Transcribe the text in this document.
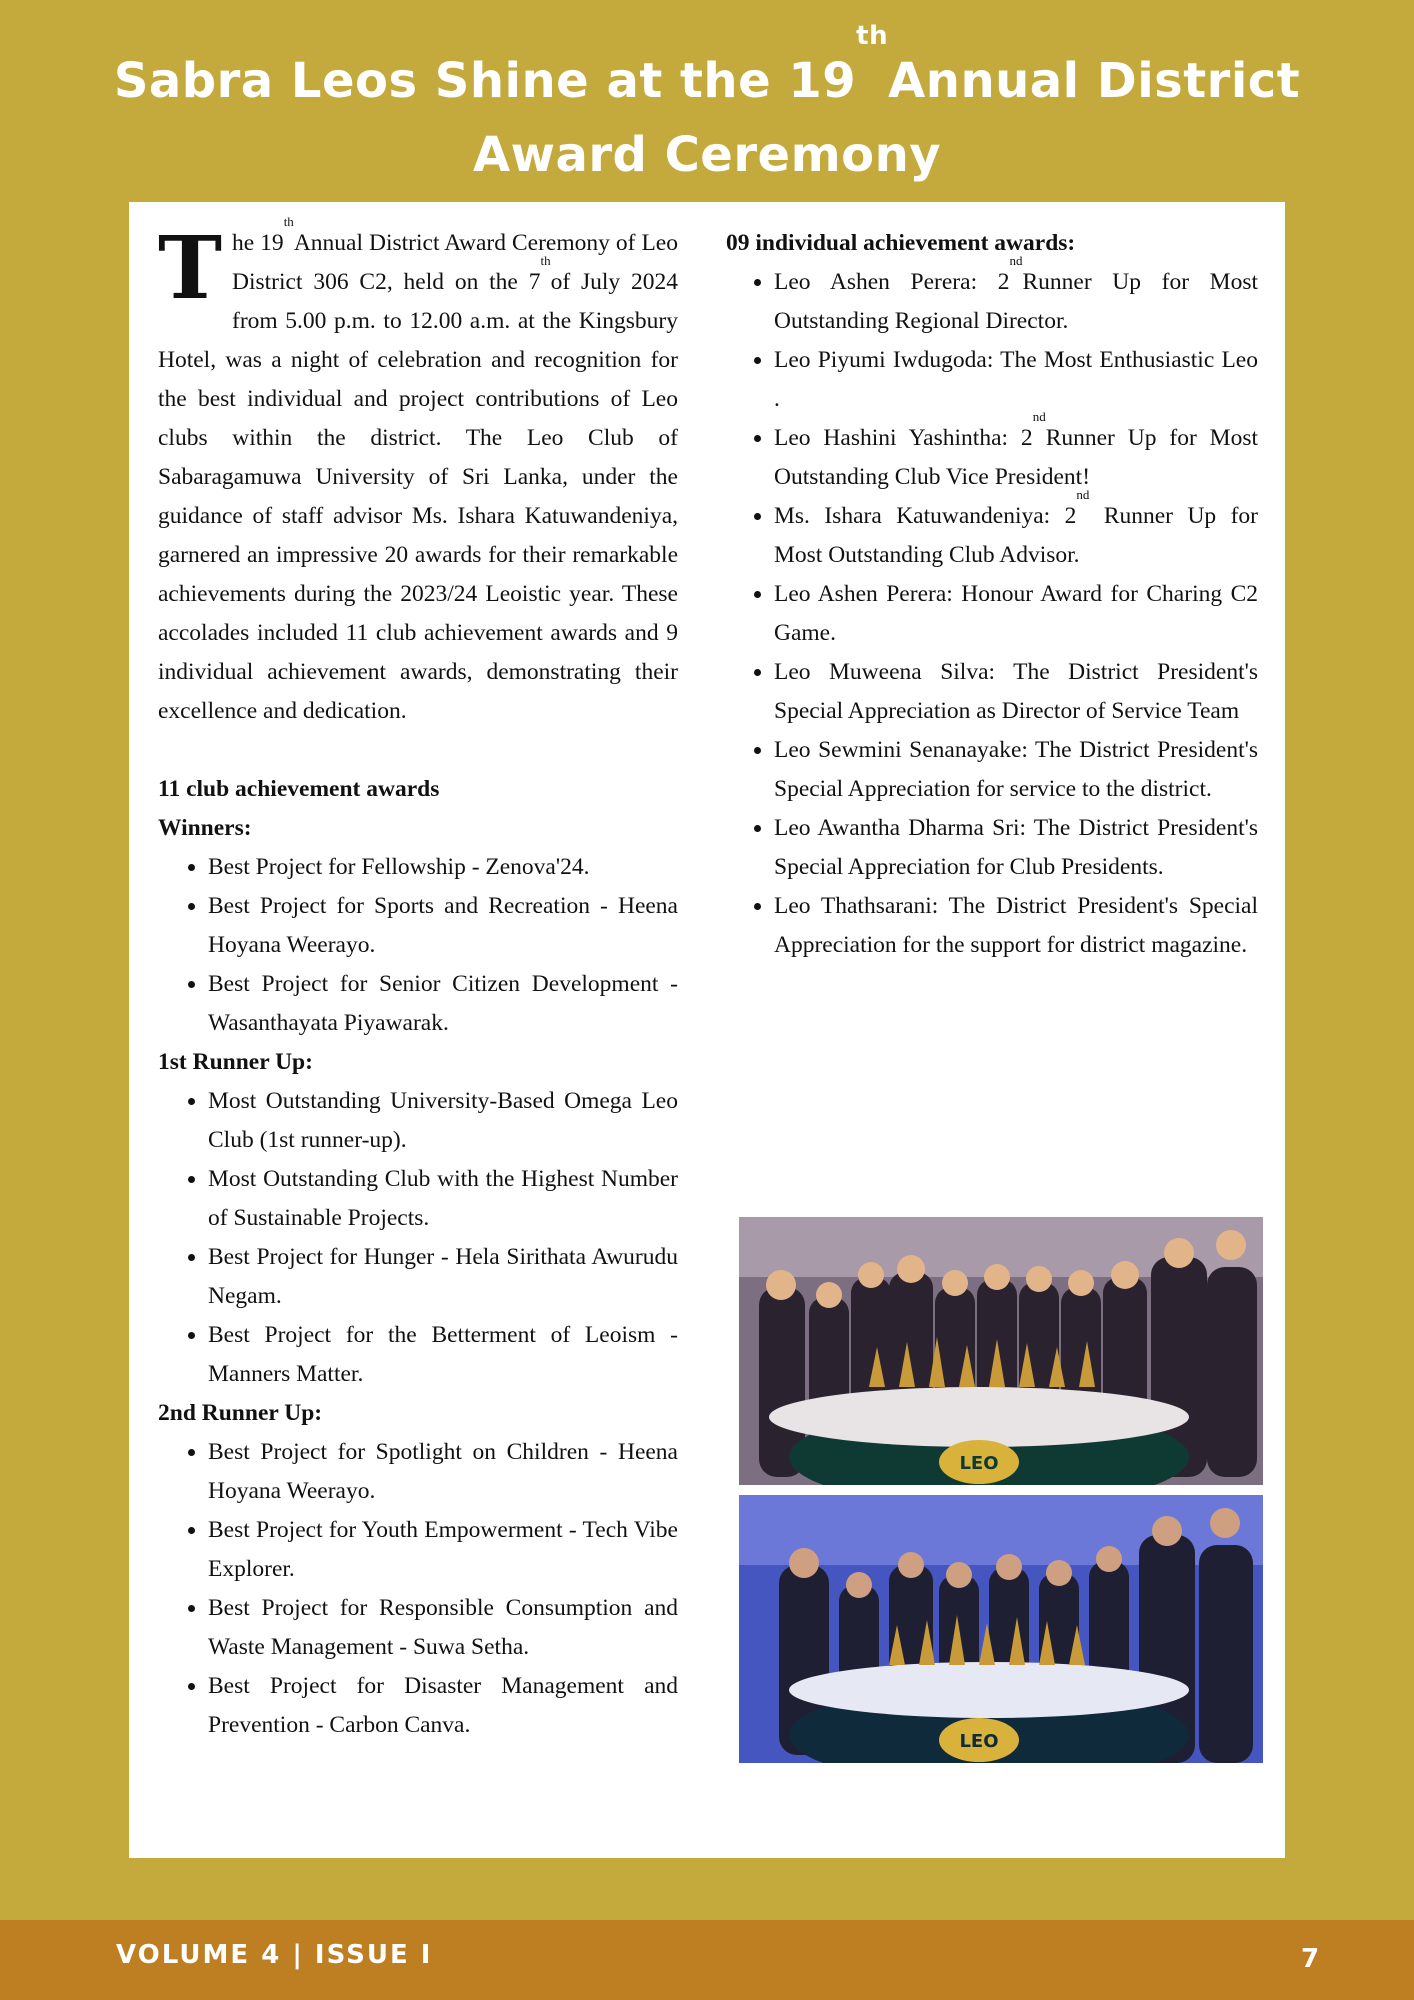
Sabra Leos Shine at the 19thAnnual District
Award Ceremony

The 19thAnnual District Award Ceremony of Leo District 306 C2, held on the 7thof July 2024 from 5.00 p.m. to 12.00 a.m. at the Kingsbury Hotel, was a night of celebration and recognition for the best individual and project contributions of Leo clubs within the district. The Leo Club of Sabaragamuwa University of Sri Lanka, under the guidance of staff advisor Ms. Ishara Katuwandeniya, garnered an impressive 20 awards for their remarkable achievements during the 2023/24 Leoistic year. These accolades included 11 club achievement awards and 9 individual achievement awards, demonstrating their excellence and dedication.

11 club achievement awards
Winners:
• Best Project for Fellowship - Zenova'24.
• Best Project for Sports and Recreation - Heena Hoyana Weerayo.
• Best Project for Senior Citizen Development - Wasanthayata Piyawarak.
1st Runner Up:
• Most Outstanding University-Based Omega Leo Club (1st runner-up).
• Most Outstanding Club with the Highest Number of Sustainable Projects.
• Best Project for Hunger - Hela Sirithata Awurudu Negam.
• Best Project for the Betterment of Leoism - Manners Matter.
2nd Runner Up:
• Best Project for Spotlight on Children - Heena Hoyana Weerayo.
• Best Project for Youth Empowerment - Tech Vibe Explorer.
• Best Project for Responsible Consumption and Waste Management - Suwa Setha.
• Best Project for Disaster Management and Prevention - Carbon Canva.
09 individual achievement awards:
• Leo Ashen Perera: 2ndRunner Up for Most Outstanding Regional Director.
• Leo Piyumi Iwdugoda: The Most Enthusiastic Leo .
• Leo Hashini Yashintha: 2ndRunner Up for Most Outstanding Club Vice President!
• Ms. Ishara Katuwandeniya: 2nd Runner Up for Most Outstanding Club Advisor.
• Leo Ashen Perera: Honour Award for Charing C2 Game.
• Leo Muweena Silva: The District President's Special Appreciation as Director of Service Team
• Leo Sewmini Senanayake: The District President's Special Appreciation for service to the district.
• Leo Awantha Dharma Sri: The District President's Special Appreciation for Club Presidents.
• Leo Thathsarani: The District President's Special Appreciation for the support for district magazine.
LEO
LEO
VOLUME 4 | ISSUE I	7
